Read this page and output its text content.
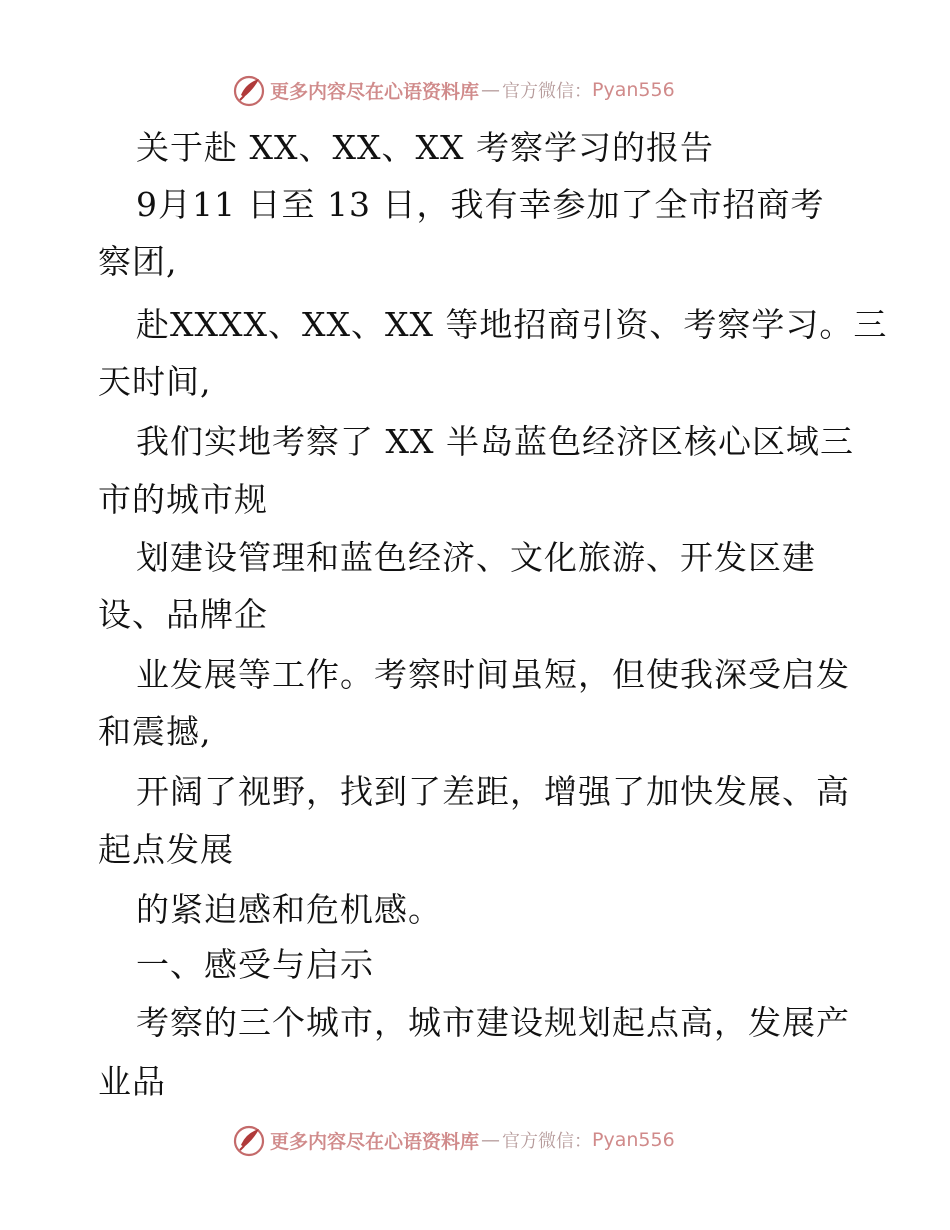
更多内容尽在心语资料库 — 官方微信： Pyan556
关于赴 XX、XX、XX 考察学习的报告
9月11 日至 13 日，我有幸参加了全市招商考
察团,
赴XXXX、XX、XX 等地招商引资、考察学习。三
天时间,
我们实地考察了 XX 半岛蓝色经济区核心区域三
市的城市规
划建设管理和蓝色经济、文化旅游、开发区建
设、品牌企
业发展等工作。考察时间虽短，但使我深受启发
和震撼,
开阔了视野，找到了差距，增强了加快发展、高
起点发展
的紧迫感和危机感。
一、感受与启示
考察的三个城市，城市建设规划起点高，发展产
业品
更多内容尽在心语资料库 — 官方微信： Pyan556
